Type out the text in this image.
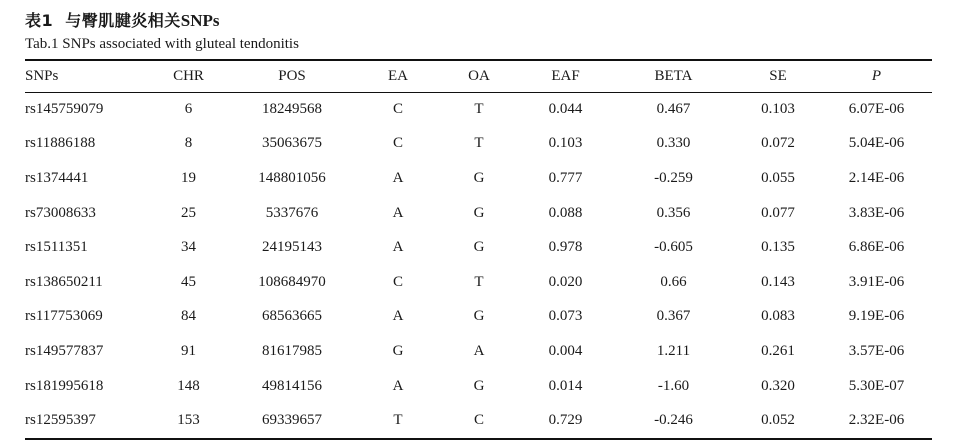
表1 与臀肌腱炎相关SNPs
Tab.1 SNPs associated with gluteal tendonitis
SNPs	CHR	POS	EA	OA	EAF	BETA	SE	P
rs145759079	6	18249568	C	T	0.044	0.467	0.103	6.07E-06
rs11886188	8	35063675	C	T	0.103	0.330	0.072	5.04E-06
rs1374441	19	148801056	A	G	0.777	-0.259	0.055	2.14E-06
rs73008633	25	5337676	A	G	0.088	0.356	0.077	3.83E-06
rs1511351	34	24195143	A	G	0.978	-0.605	0.135	6.86E-06
rs138650211	45	108684970	C	T	0.020	0.66	0.143	3.91E-06
rs117753069	84	68563665	A	G	0.073	0.367	0.083	9.19E-06
rs149577837	91	81617985	G	A	0.004	1.211	0.261	3.57E-06
rs181995618	148	49814156	A	G	0.014	-1.60	0.320	5.30E-07
rs12595397	153	69339657	T	C	0.729	-0.246	0.052	2.32E-06
